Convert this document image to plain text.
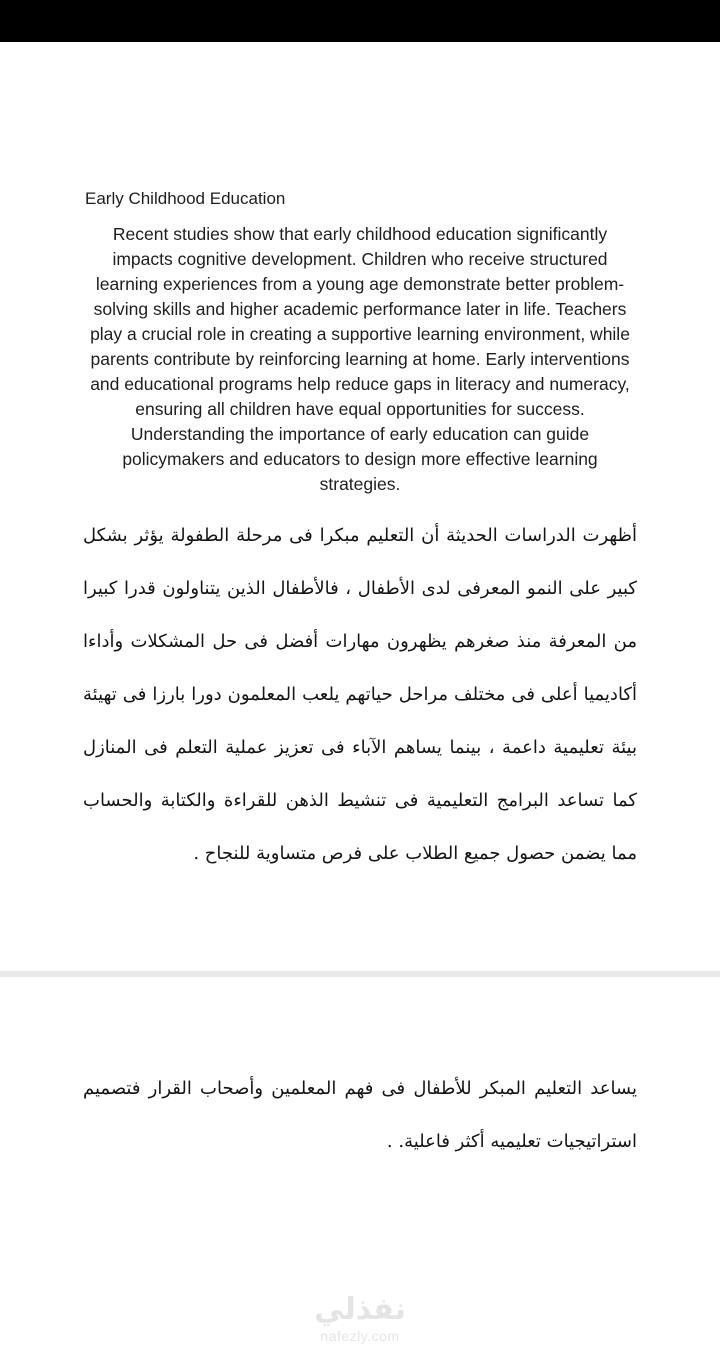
Early Childhood Education
Recent studies show that early childhood education significantly impacts cognitive development. Children who receive structured learning experiences from a young age demonstrate better problem-solving skills and higher academic performance later in life. Teachers play a crucial role in creating a supportive learning environment, while parents contribute by reinforcing learning at home. Early interventions and educational programs help reduce gaps in literacy and numeracy, ensuring all children have equal opportunities for success. Understanding the importance of early education can guide policymakers and educators to design more effective learning strategies.
أظهرت الدراسات الحديثة أن التعليم مبكرا فى مرحلة الطفولة يؤثر بشكل كبير على النمو المعرفى لدى الأطفال ، فالأطفال الذين يتناولون قدرا كبيرا من المعرفة منذ صغرهم يظهرون مهارات أفضل فى حل المشكلات وأداءا أكاديميا أعلى فى مختلف مراحل حياتهم يلعب المعلمون دورا بارزا فى تهيئة بيئة تعليمية داعمة ، بينما يساهم الآباء فى تعزيز عملية التعلم فى المنازل كما تساعد البرامج التعليمية فى تنشيط الذهن للقراءة والكتابة والحساب مما يضمن حصول جميع الطلاب على فرص متساوية للنجاح .
يساعد التعليم المبكر للأطفال فى فهم المعلمين وأصحاب القرار فتصميم استراتيجيات تعليميه أكثر فاعلية. .
نفذلي
nafezly.com
